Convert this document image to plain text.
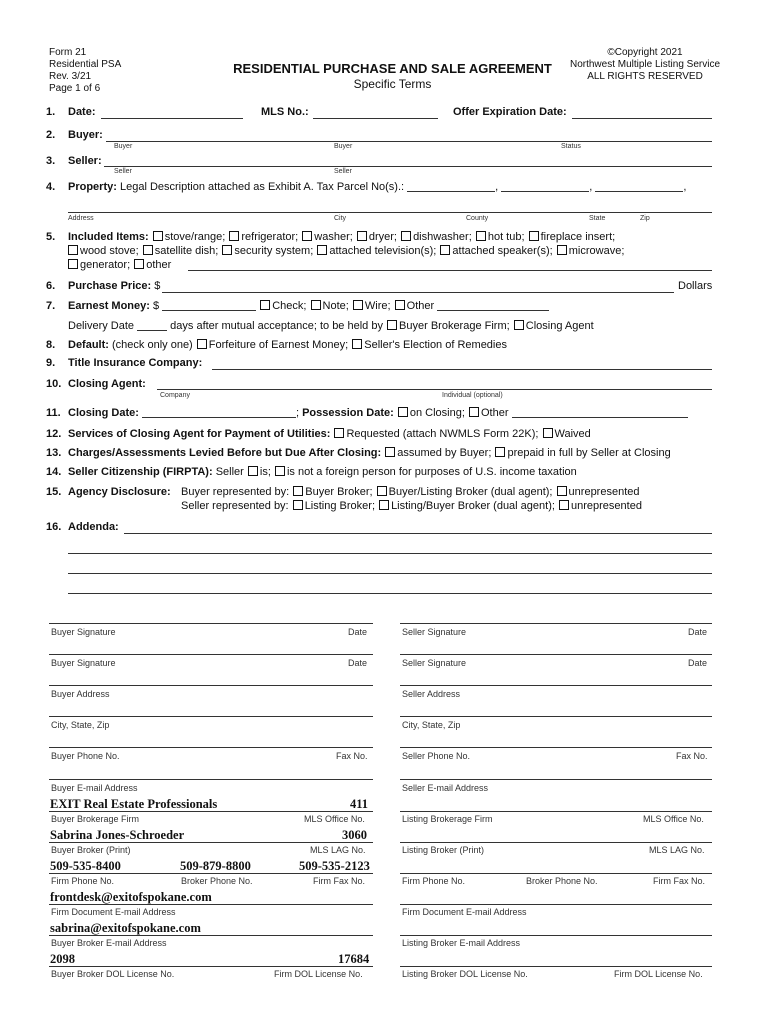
Form 21
Residential PSA
Rev. 3/21
Page 1 of 6
RESIDENTIAL PURCHASE AND SALE AGREEMENT
Specific Terms
©Copyright 2021
Northwest Multiple Listing Service
ALL RIGHTS RESERVED
1. Date:	MLS No.:	Offer Expiration Date:
2. Buyer:
Buyer	Buyer	Status
3. Seller:
Seller	Seller
4. Property: Legal Description attached as Exhibit A. Tax Parcel No(s).:	,	,	,
Address	City	County	State	Zip
5. Included Items: stove/range; refrigerator; washer; dryer; dishwasher; hot tub; fireplace insert;
wood stove; satellite dish; security system; attached television(s); attached speaker(s); microwave;
generator; other
6. Purchase Price: $	Dollars
7. Earnest Money: $	Check; Note; Wire; Other
Delivery Date	days after mutual acceptance; to be held by Buyer Brokerage Firm; Closing Agent
8. Default: (check only one) Forfeiture of Earnest Money; Seller's Election of Remedies
9. Title Insurance Company:
10. Closing Agent:
Company	Individual (optional)
11. Closing Date:	; Possession Date: on Closing; Other
12. Services of Closing Agent for Payment of Utilities: Requested (attach NWMLS Form 22K); Waived
13. Charges/Assessments Levied Before but Due After Closing: assumed by Buyer; prepaid in full by Seller at Closing
14. Seller Citizenship (FIRPTA): Seller is; is not a foreign person for purposes of U.S. income taxation
15. Agency Disclosure: Buyer represented by: Buyer Broker; Buyer/Listing Broker (dual agent); unrepresented
Seller represented by: Listing Broker; Listing/Buyer Broker (dual agent); unrepresented
16. Addenda:
Buyer Signature	Date
Buyer Signature	Date
Buyer Address
City, State, Zip
Buyer Phone No.	Fax No.
Buyer E-mail Address
Seller Signature	Date
Seller Signature	Date
Seller Address
City, State, Zip
Seller Phone No.	Fax No.
Seller E-mail Address
EXIT Real Estate Professionals	411
Buyer Brokerage Firm	MLS Office No.
Sabrina Jones-Schroeder	3060
Buyer Broker (Print)	MLS LAG No.
509-535-8400	509-879-8800	509-535-2123
Firm Phone No.	Broker Phone No.	Firm Fax No.
frontdesk@exitofspokane.com
Firm Document E-mail Address
sabrina@exitofspokane.com
Buyer Broker E-mail Address
2098	17684
Buyer Broker DOL License No.	Firm DOL License No.
Listing Brokerage Firm	MLS Office No.
Listing Broker (Print)	MLS LAG No.
Firm Phone No.	Broker Phone No.	Firm Fax No.
Firm Document E-mail Address
Listing Broker E-mail Address
Listing Broker DOL License No.	Firm DOL License No.
